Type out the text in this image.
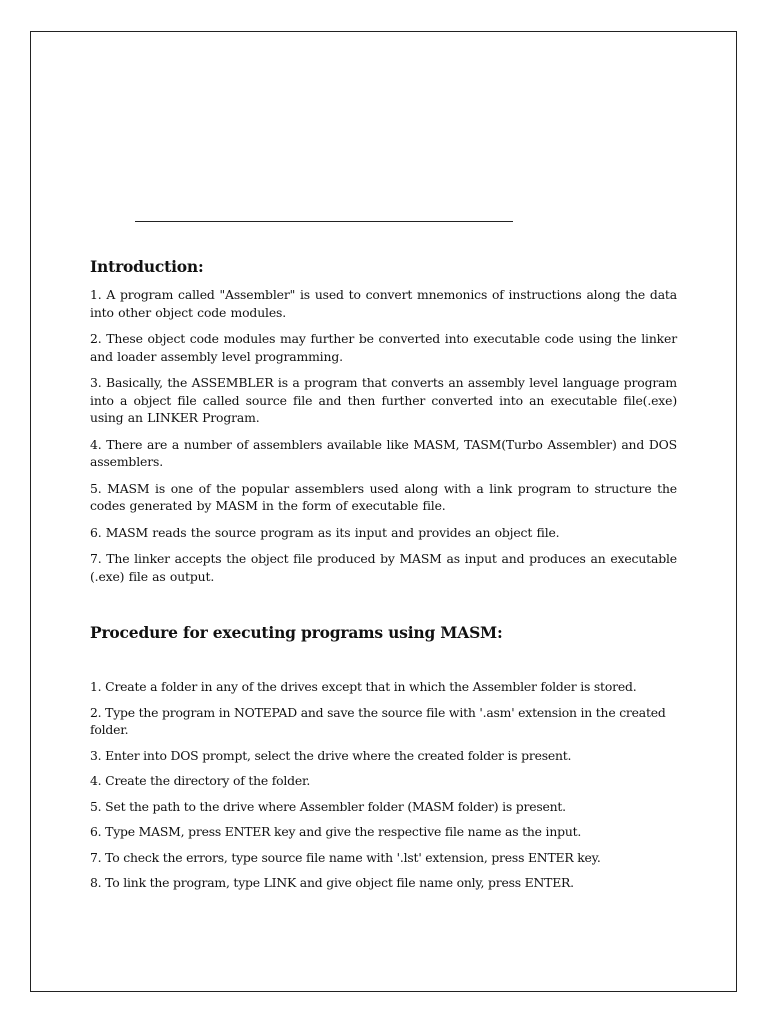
Introduction:
1. A program called "Assembler" is used to convert mnemonics of instructions along the data into other object code modules.
2. These object code modules may further be converted into executable code using the linker and loader assembly level programming.
3. Basically, the ASSEMBLER is a program that converts an assembly level language program into a object file called source file and then further converted into an executable file(.exe) using an LINKER Program.
4. There are a number of assemblers available like MASM, TASM(Turbo Assembler) and DOS assemblers.
5. MASM is one of the popular assemblers used along with a link program to structure the codes generated by MASM in the form of executable file.
6. MASM reads the source program as its input and provides an object file.
7. The linker accepts the object file produced by MASM as input and produces an executable (.exe) file as output.
Procedure for executing programs using MASM:
1. Create a folder in any of the drives except that in which the Assembler folder is stored.
2. Type the program in NOTEPAD and save the source file with '.asm' extension in the created folder.
3. Enter into DOS prompt, select the drive where the created folder is present.
4. Create the directory of the folder.
5. Set the path to the drive where Assembler folder (MASM folder) is present.
6. Type MASM, press ENTER key and give the respective file name as the input.
7. To check the errors, type source file name with '.lst' extension, press ENTER key.
8. To link the program, type LINK and give object file name only, press ENTER.
